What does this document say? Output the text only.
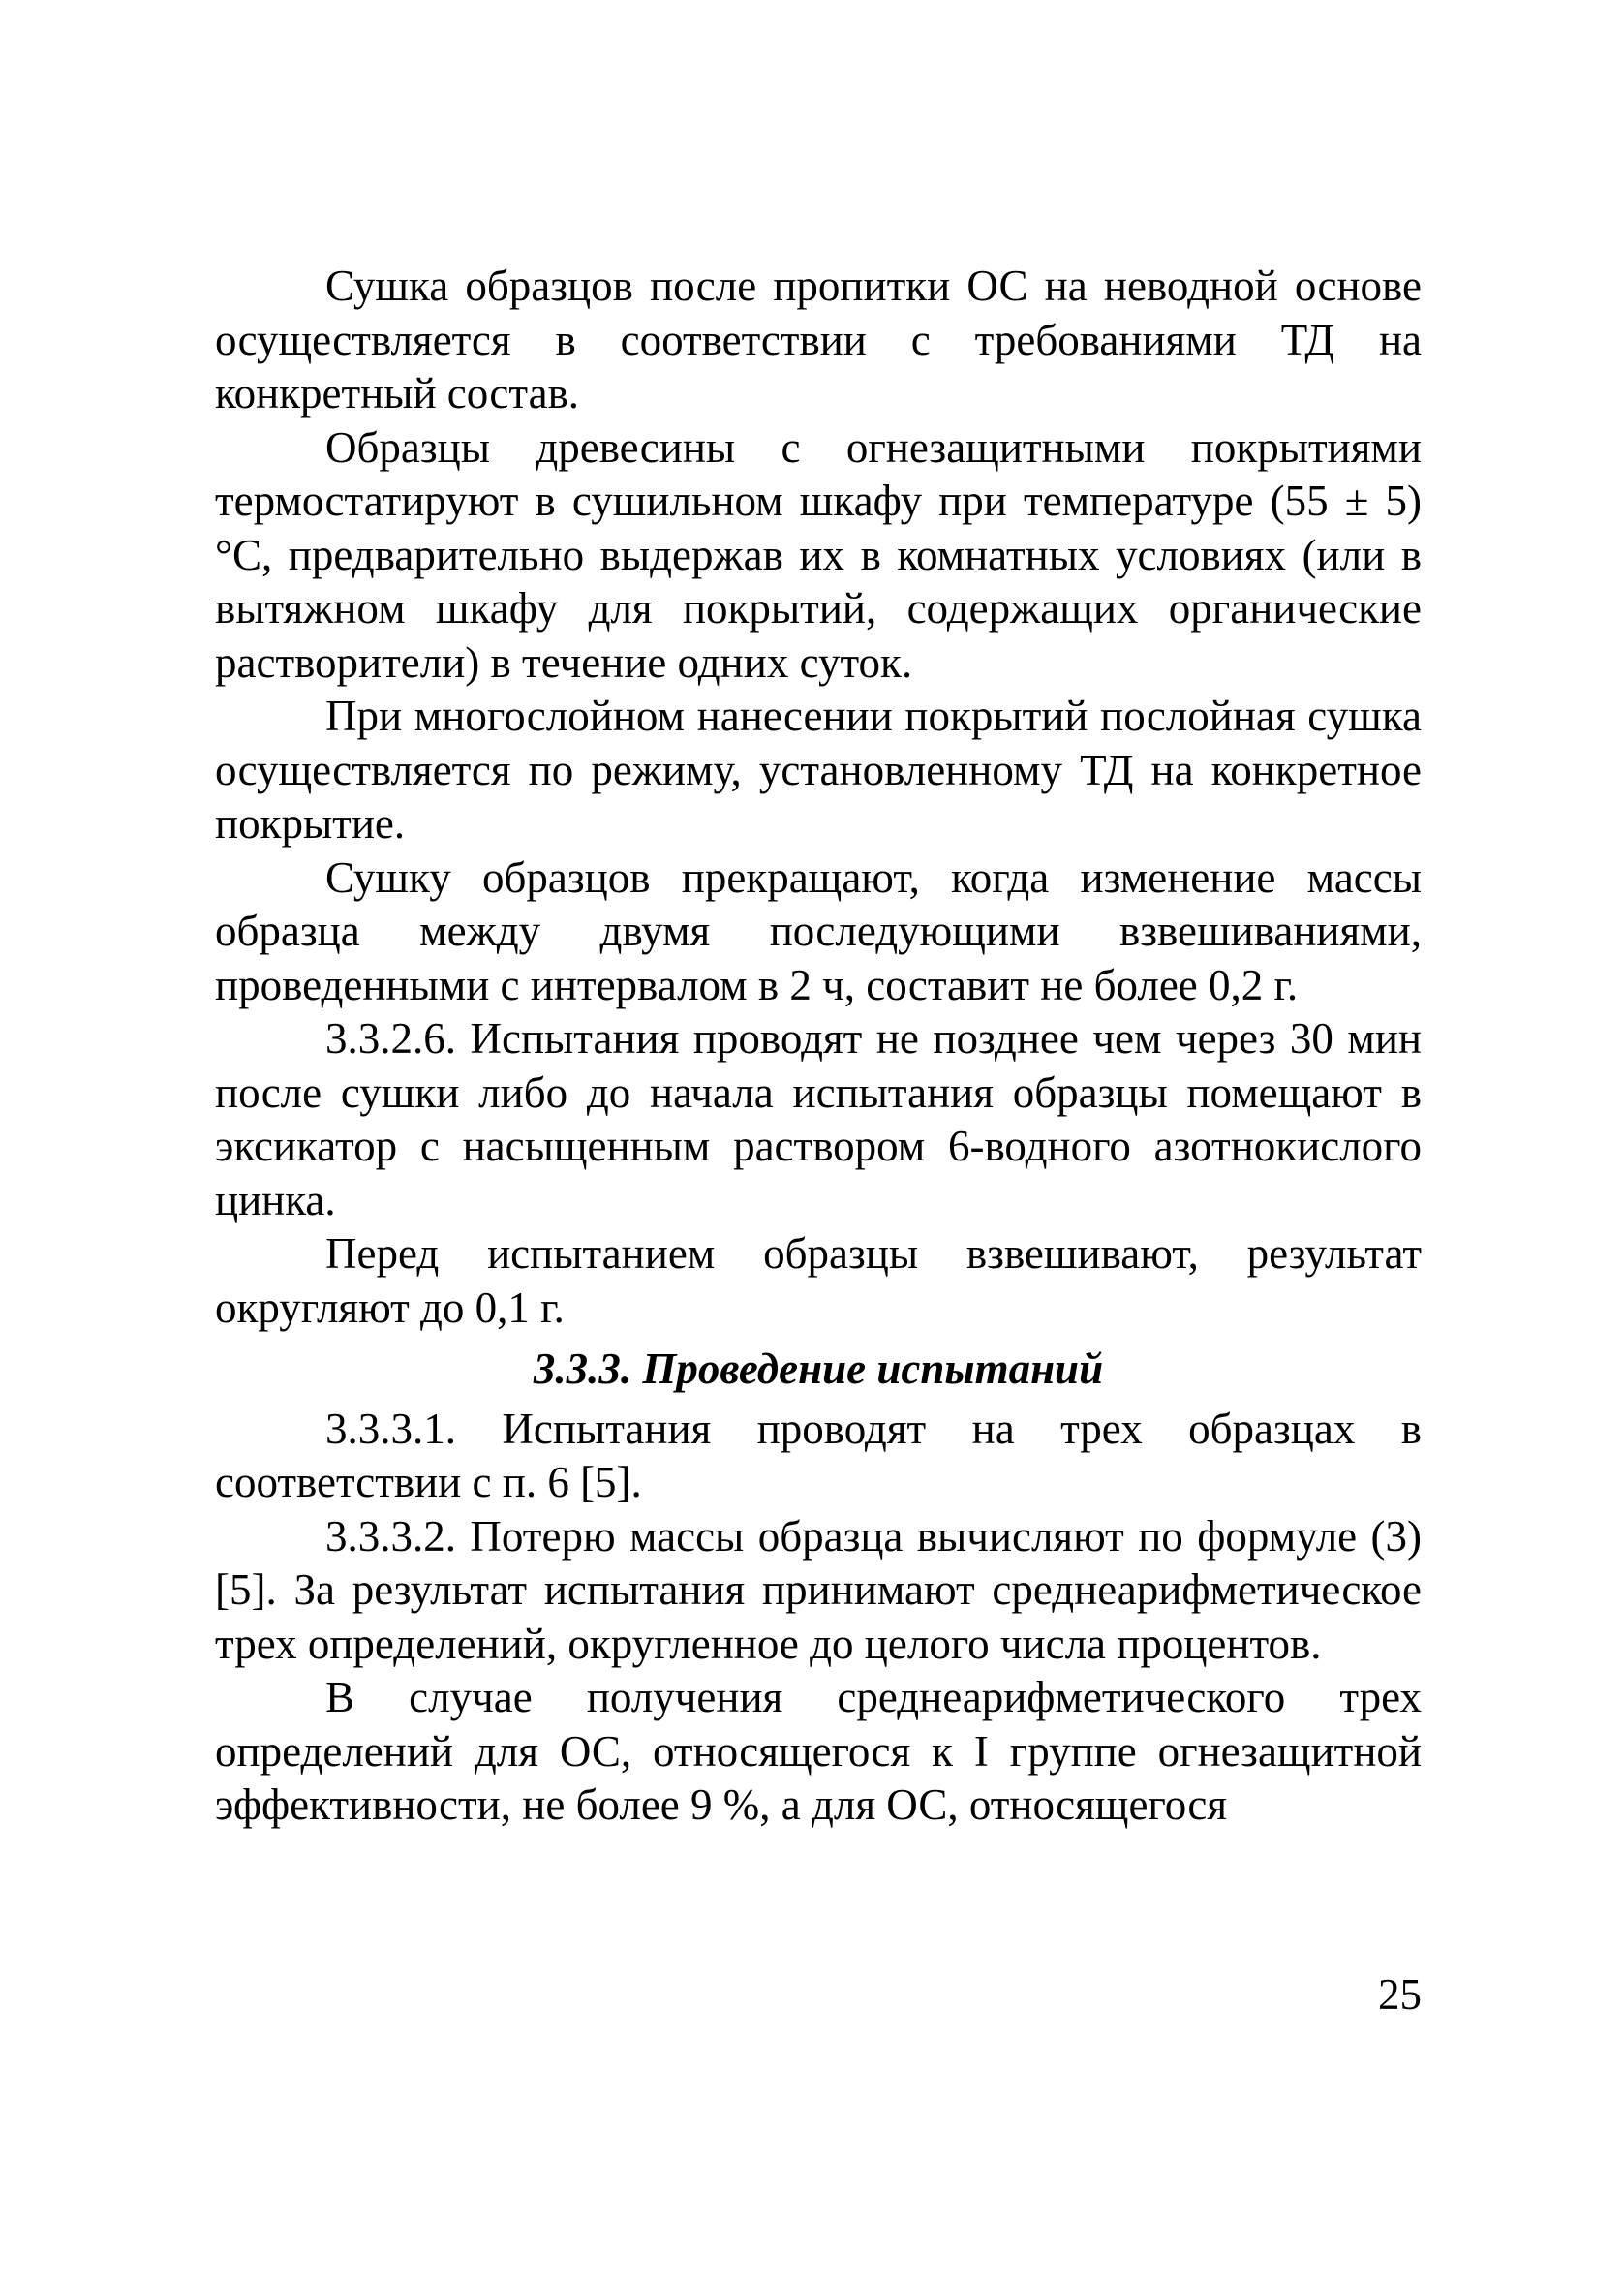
Сушка образцов после пропитки ОС на неводной основе осуществляется в соответствии с требованиями ТД на конкретный состав.

Образцы древесины с огнезащитными покрытиями термостатируют в сушильном шкафу при температуре (55 ± 5) °С, предварительно выдержав их в комнатных условиях (или в вытяжном шкафу для покрытий, содержащих органические растворители) в течение одних суток.

При многослойном нанесении покрытий послойная сушка осуществляется по режиму, установленному ТД на конкретное покрытие.

Сушку образцов прекращают, когда изменение массы образца между двумя последующими взвешиваниями, проведенными с интервалом в 2 ч, составит не более 0,2 г.

3.3.2.6. Испытания проводят не позднее чем через 30 мин после сушки либо до начала испытания образцы помещают в эксикатор с насыщенным раствором 6-водного азотнокислого цинка.

Перед испытанием образцы взвешивают, результат округляют до 0,1 г.

3.3.3. Проведение испытаний

3.3.3.1. Испытания проводят на трех образцах в соответствии с п. 6 [5].

3.3.3.2. Потерю массы образца вычисляют по формуле (3) [5]. За результат испытания принимают среднеарифметическое трех определений, округленное до целого числа процентов.

В случае получения среднеарифметического трех определений для ОС, относящегося к I группе огнезащитной эффективности, не более 9 %, а для ОС, относящегося

25
